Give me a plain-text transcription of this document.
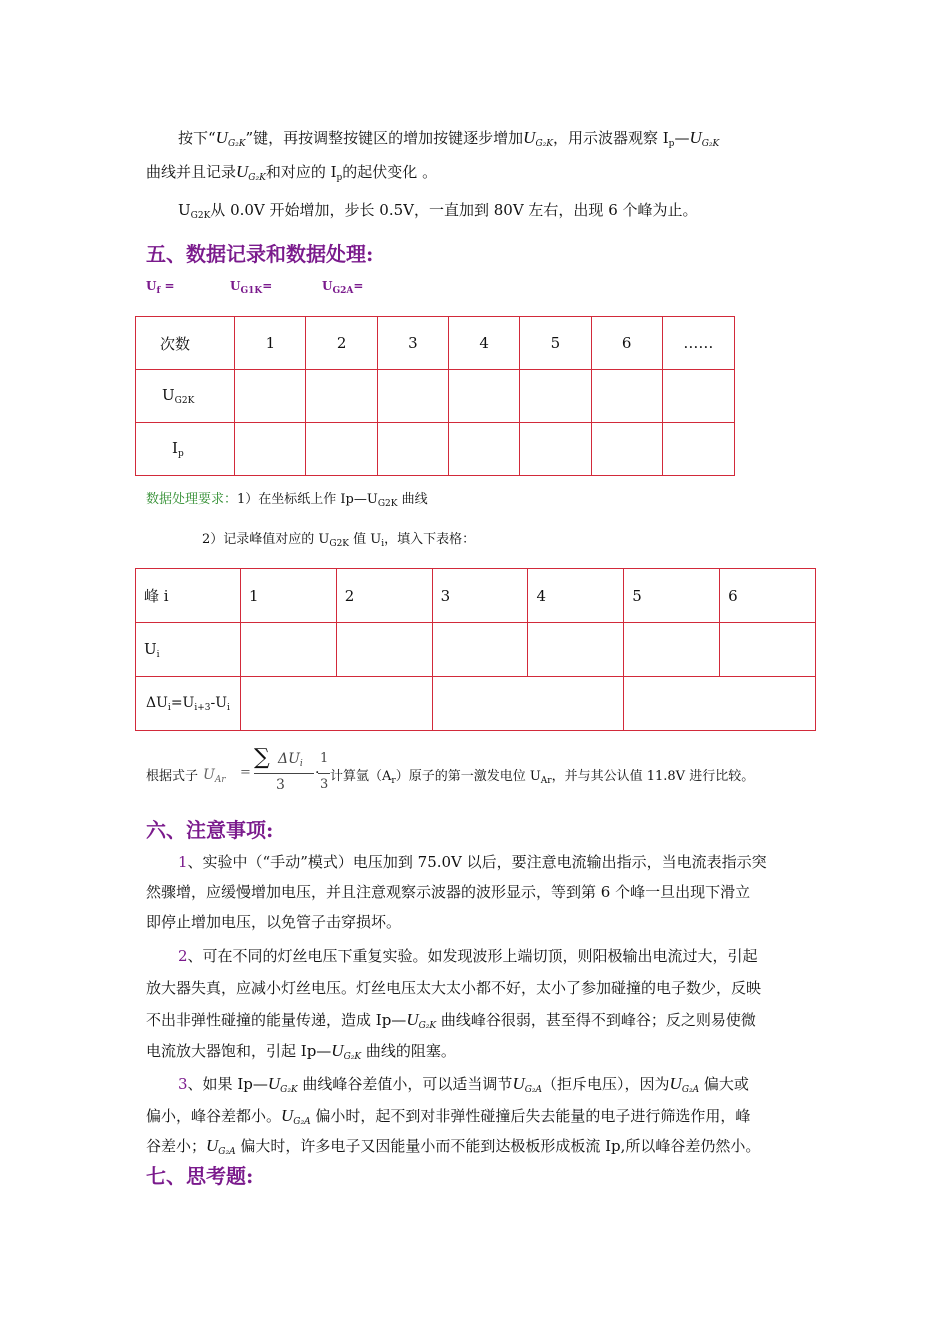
按下“$U_{G_2K}$”键，再按调整按键区的增加按键逐步增加$U_{G_2K}$，用示波器观察 $I_p—U_{G_2K}$
曲线并且记录$U_{G_2K}$和对应的 $I_p$的起伏变化 。
$U_{G2K}$从 0.0V 开始增加，步长 0.5V，一直加到 80V 左右，出现 6 个峰为止。
五、数据记录和数据处理:
$U_f$ =	$U_{G1K}=$	$U_{G2A}=$
次数	1	2	3	4	5	6	……
$U_{G2K}$							
$I_p$							
数据处理要求：1）在坐标纸上作 $Ip—U_{G2K}$ 曲线
2）记录峰值对应的 $U_{G2K}$ 值 $U_i$，填入下表格：
峰 i	1	2	3	4	5	6
$U_i$						
$\Delta U_i=U_{i+3}-U_i$			
根据式子 $U_{Ar}$ =
∑ $\Delta U_i$
3
.
1
3
计算氩$(A_r)$原子的第一激发电位 $U_{Ar}$，并与其公认值 11.8V 进行比较。
六、注意事项:
1、实验中（“手动”模式）电压加到 75.0V 以后，要注意电流输出指示，当电流表指示突
然骤增，应缓慢增加电压，并且注意观察示波器的波形显示，等到第 6 个峰一旦出现下滑立
即停止增加电压，以免管子击穿损坏。
2、可在不同的灯丝电压下重复实验。如发现波形上端切顶，则阳极输出电流过大，引起
放大器失真，应减小灯丝电压。灯丝电压太大太小都不好，太小了参加碰撞的电子数少，反映
不出非弹性碰撞的能量传递，造成 $Ip—U_{G_2K}$ 曲线峰谷很弱，甚至得不到峰谷；反之则易使微
电流放大器饱和，引起 $Ip—U_{G_2K}$ 曲线的阻塞。
3、如果 $Ip—U_{G_2K}$ 曲线峰谷差值小，可以适当调节$U_{G_2A}$（拒斥电压），因为$U_{G_2A}$ 偏大或
偏小，峰谷差都小。$U_{G_2A}$ 偏小时，起不到对非弹性碰撞后失去能量的电子进行筛选作用，峰
谷差小；$U_{G_2A}$ 偏大时，许多电子又因能量小而不能到达极板形成板流 Ip,所以峰谷差仍然小。
七、思考题:
